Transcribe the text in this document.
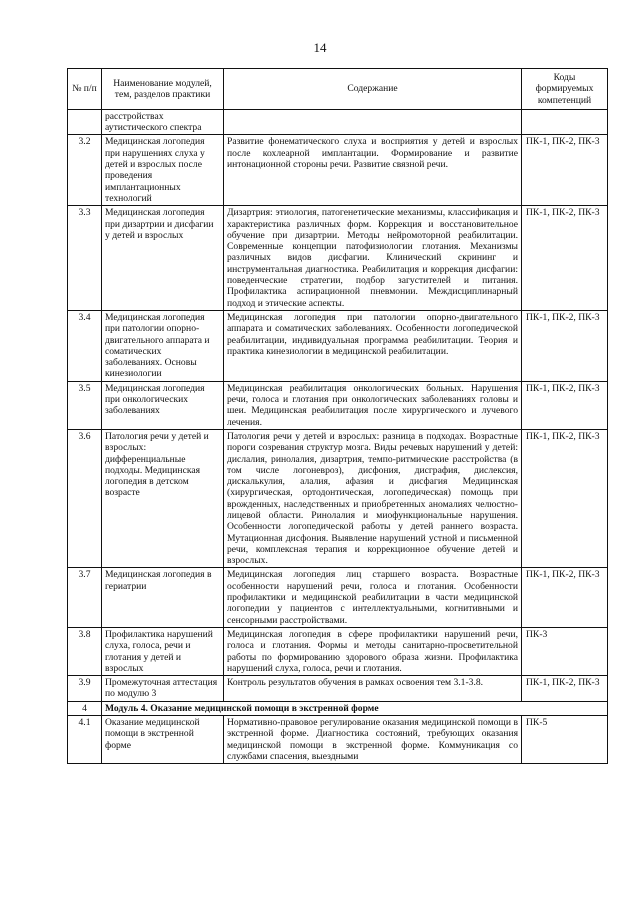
14
№ п/п	Наименование модулей, тем, разделов практики	Содержание	Коды формируемых компетенций
	расстройствах аутистического спектра		
3.2	Медицинская логопедия при нарушениях слуха у детей и взрослых после проведения имплантационных технологий	Развитие фонематического слуха и восприятия у детей и взрослых после кохлеарной имплантации. Формирование и развитие интонационной стороны речи. Развитие связной речи.	ПК-1, ПК-2, ПК-3
3.3	Медицинская логопедия при дизартрии и дисфагии у детей и взрослых	Дизартрия: этиология, патогенетические механизмы, классификация и характеристика различных форм. Коррекция и восстановительное обучение при дизартрии. Методы нейромоторной реабилитации. Современные концепции патофизиологии глотания. Механизмы различных видов дисфагии. Клинический скрининг и инструментальная диагностика. Реабилитация и коррекция дисфагии: поведенческие стратегии, подбор загустителей и питания. Профилактика аспирационной пневмонии. Междисциплинарный подход и этические аспекты.	ПК-1, ПК-2, ПК-3
3.4	Медицинская логопедия при патологии опорно-двигательного аппарата и соматических заболеваниях. Основы кинезиологии	Медицинская логопедия при патологии опорно-двигательного аппарата и соматических заболеваниях. Особенности логопедической реабилитации, индивидуальная программа реабилитации. Теория и практика кинезиологии в медицинской реабилитации.	ПК-1, ПК-2, ПК-3
3.5	Медицинская логопедия при онкологических заболеваниях	Медицинская реабилитация онкологических больных. Нарушения речи, голоса и глотания при онкологических заболеваниях головы и шеи. Медицинская реабилитация после хирургического и лучевого лечения.	ПК-1, ПК-2, ПК-3
3.6	Патология речи у детей и взрослых: дифференциальные подходы. Медицинская логопедия в детском возрасте	Патология речи у детей и взрослых: разница в подходах. Возрастные пороги созревания структур мозга. Виды речевых нарушений у детей: дислалия, ринолалия, дизартрия, темпо-ритмические расстройства (в том числе логоневроз), дисфония, дисграфия, дислексия, дискалькулия, алалия, афазия и дисфагия Медицинская (хирургическая, ортодонтическая, логопедическая) помощь при врожденных, наследственных и приобретенных аномалиях челюстно-лицевой области. Ринолалия и миофункциональные нарушения. Особенности логопедической работы у детей раннего возраста. Мутационная дисфония. Выявление нарушений устной и письменной речи, комплексная терапия и коррекционное обучение детей и взрослых.	ПК-1, ПК-2, ПК-3
3.7	Медицинская логопедия в гериатрии	Медицинская логопедия лиц старшего возраста. Возрастные особенности нарушений речи, голоса и глотания. Особенности профилактики и медицинской реабилитации в части медицинской логопедии у пациентов с интеллектуальными, когнитивными и сенсорными расстройствами.	ПК-1, ПК-2, ПК-3
3.8	Профилактика нарушений слуха, голоса, речи и глотания у детей и взрослых	Медицинская логопедия в сфере профилактики нарушений речи, голоса и глотания. Формы и методы санитарно-просветительной работы по формированию здорового образа жизни. Профилактика нарушений слуха, голоса, речи и глотания.	ПК-3
3.9	Промежуточная аттестация по модулю 3	Контроль результатов обучения в рамках освоения тем 3.1-3.8.	ПК-1, ПК-2, ПК-3
4	Модуль 4. Оказание медицинской помощи в экстренной форме		
4.1	Оказание медицинской помощи в экстренной форме	Нормативно-правовое регулирование оказания медицинской помощи в экстренной форме. Диагностика состояний, требующих оказания медицинской помощи в экстренной форме. Коммуникация со службами спасения, выездными	ПК-5
